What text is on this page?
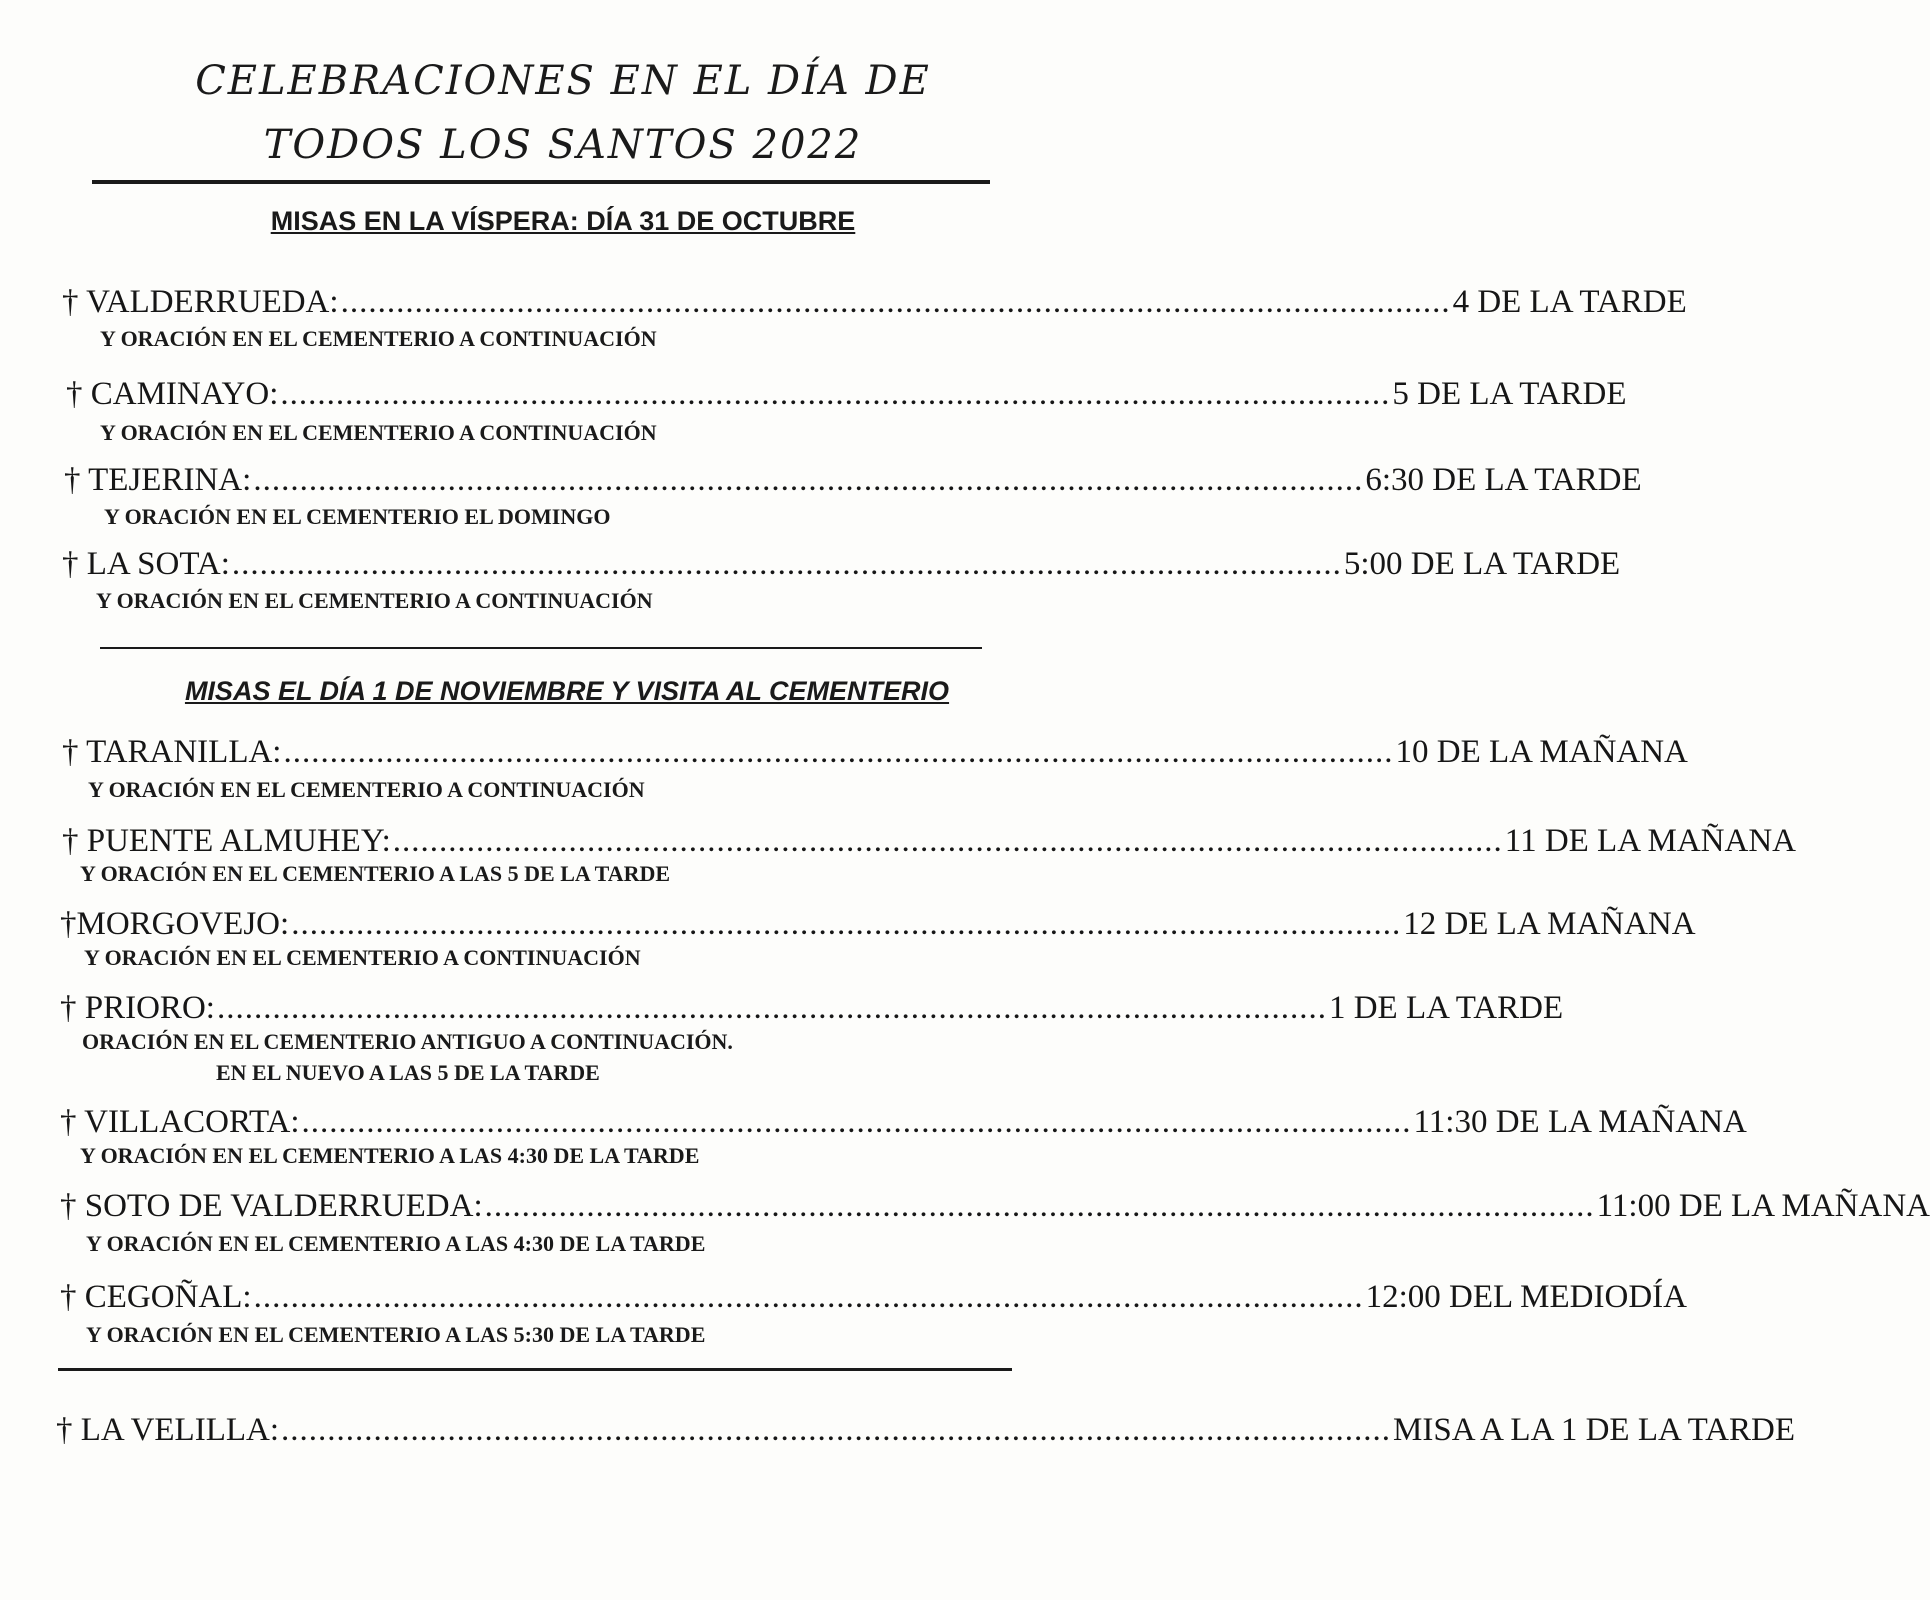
CELEBRACIONES EN EL DÍA DE
TODOS LOS SANTOS 2022
MISAS EN LA VÍSPERA: DÍA 31 DE OCTUBRE
† VALDERRUEDA: ........................................................................................................................ 4 DE LA TARDE
Y ORACIÓN EN EL CEMENTERIO A CONTINUACIÓN
† CAMINAYO: ........................................................................................................................ 5 DE LA TARDE
Y ORACIÓN EN EL CEMENTERIO A CONTINUACIÓN
† TEJERINA: ........................................................................................................................ 6:30 DE LA TARDE
Y ORACIÓN EN EL CEMENTERIO EL DOMINGO
† LA SOTA: ........................................................................................................................ 5:00 DE LA TARDE
Y ORACIÓN EN EL CEMENTERIO A CONTINUACIÓN
MISAS EL DÍA 1 DE NOVIEMBRE Y VISITA AL CEMENTERIO
† TARANILLA: ........................................................................................................................ 10 DE LA MAÑANA
Y ORACIÓN EN EL CEMENTERIO A CONTINUACIÓN
† PUENTE ALMUHEY: ........................................................................................................................ 11 DE LA MAÑANA
Y ORACIÓN EN EL CEMENTERIO A LAS 5 DE LA TARDE
†MORGOVEJO: ........................................................................................................................ 12 DE LA MAÑANA
Y ORACIÓN EN EL CEMENTERIO A CONTINUACIÓN
† PRIORO: ........................................................................................................................ 1 DE LA TARDE
ORACIÓN EN EL CEMENTERIO ANTIGUO A CONTINUACIÓN.
EN EL NUEVO A LAS 5 DE LA TARDE
† VILLACORTA: ........................................................................................................................ 11:30 DE LA MAÑANA
Y ORACIÓN EN EL CEMENTERIO A LAS 4:30 DE LA TARDE
† SOTO DE VALDERRUEDA: ........................................................................................................................ 11:00 DE LA MAÑANA
Y ORACIÓN EN EL CEMENTERIO A LAS 4:30 DE LA TARDE
† CEGOÑAL: ........................................................................................................................ 12:00 DEL MEDIODÍA
Y ORACIÓN EN EL CEMENTERIO A LAS 5:30 DE LA TARDE
† LA VELILLA: ........................................................................................................................ MISA A LA 1 DE LA TARDE
